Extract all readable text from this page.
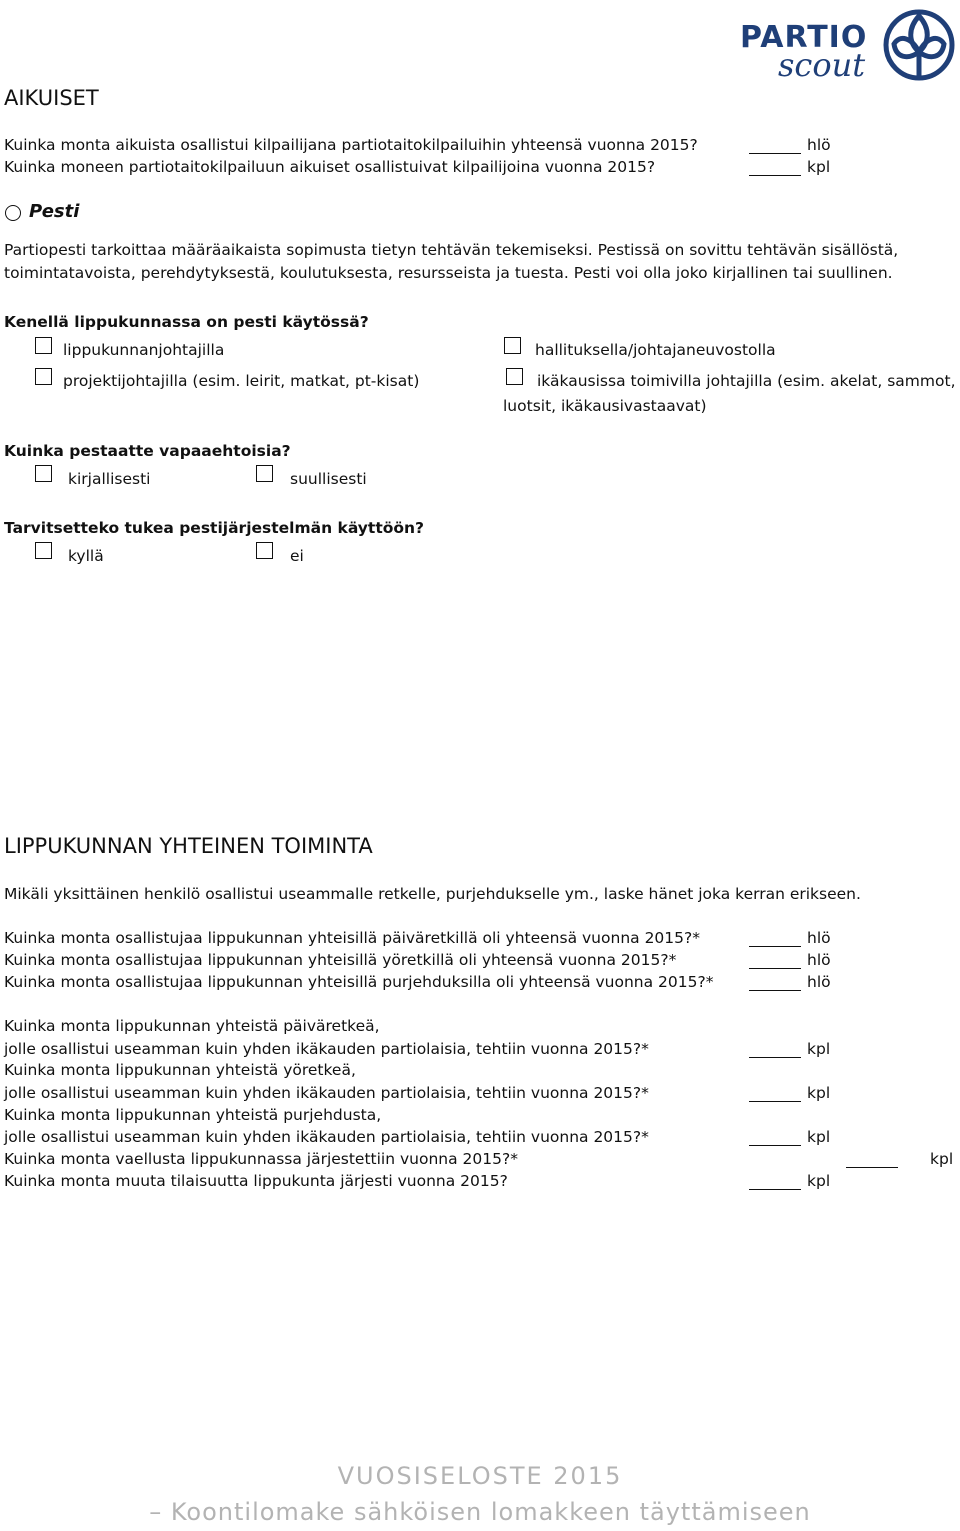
PARTIO
scout
AIKUISET
Kuinka monta aikuista osallistui kilpailijana partiotaitokilpailuihin yhteensä vuonna 2015?	hlö
Kuinka moneen partiotaitokilpailuun aikuiset osallistuivat kilpailijoina vuonna 2015?	kpl
Pesti
Partiopesti tarkoittaa määräaikaista sopimusta tietyn tehtävän tekemiseksi. Pestissä on sovittu tehtävän sisällöstä,
toimintatavoista, perehdytyksestä, koulutuksesta, resursseista ja tuesta. Pesti voi olla joko kirjallinen tai suullinen.
Kenellä lippukunnassa on pesti käytössä?
lippukunnanjohtajilla	hallituksella/johtajaneuvostolla
projektijohtajilla (esim. leirit, matkat, pt-kisat)	ikäkausissa toimivilla johtajilla (esim. akelat, sammot,
luotsit, ikäkausivastaavat)
Kuinka pestaatte vapaaehtoisia?
kirjallisesti	suullisesti
Tarvitsetteko tukea pestijärjestelmän käyttöön?
kyllä	ei
LIPPUKUNNAN YHTEINEN TOIMINTA
Mikäli yksittäinen henkilö osallistui useammalle retkelle, purjehdukselle ym., laske hänet joka kerran erikseen.
Kuinka monta osallistujaa lippukunnan yhteisillä päiväretkillä oli yhteensä vuonna 2015?*	hlö
Kuinka monta osallistujaa lippukunnan yhteisillä yöretkillä oli yhteensä vuonna 2015?*	hlö
Kuinka monta osallistujaa lippukunnan yhteisillä purjehduksilla oli yhteensä vuonna 2015?*	hlö
Kuinka monta lippukunnan yhteistä päiväretkeä,
jolle osallistui useamman kuin yhden ikäkauden partiolaisia, tehtiin vuonna 2015?*	kpl
Kuinka monta lippukunnan yhteistä yöretkeä,
jolle osallistui useamman kuin yhden ikäkauden partiolaisia, tehtiin vuonna 2015?*	kpl
Kuinka monta lippukunnan yhteistä purjehdusta,
jolle osallistui useamman kuin yhden ikäkauden partiolaisia, tehtiin vuonna 2015?*	kpl
Kuinka monta vaellusta lippukunnassa järjestettiin vuonna 2015?*	kpl
Kuinka monta muuta tilaisuutta lippukunta järjesti vuonna 2015?	kpl
VUOSISELOSTE 2015
– Koontilomake sähköisen lomakkeen täyttämiseen
